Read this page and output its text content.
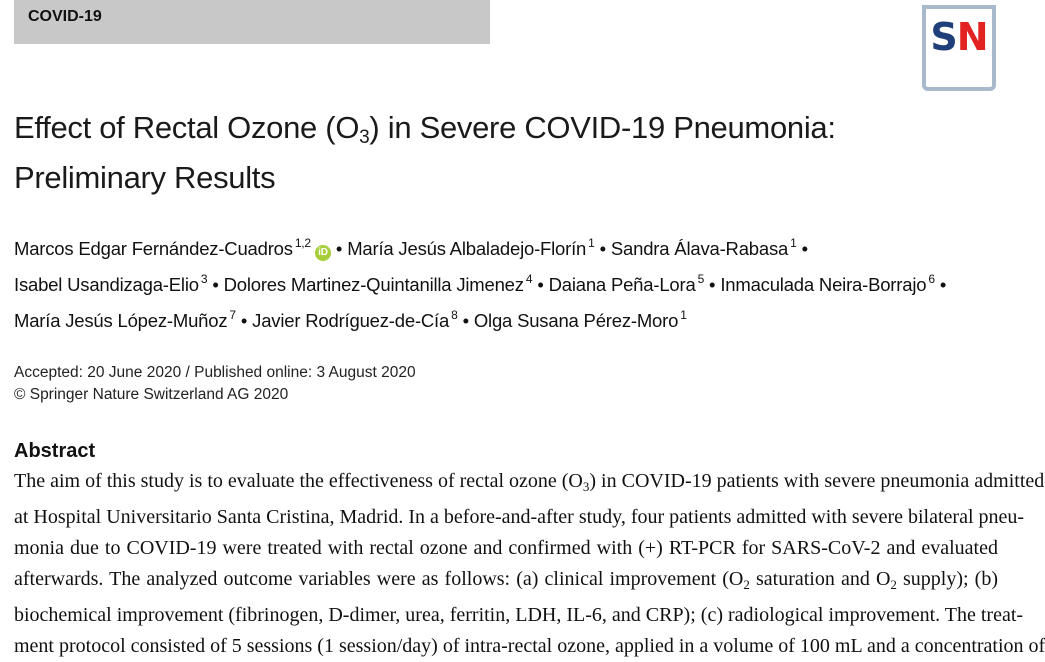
COVID-19	SN
Effect of Rectal Ozone $(O_3)$ in Severe COVID-19 Pneumonia:
Preliminary Results
Marcos Edgar Fernández-Cuadros $^{1,2}$iD • María Jesús Albaladejo-Florín $^1$ • Sandra Álava-Rabasa $^1$ •
Isabel Usandizaga-Elio $^3$ • Dolores Martinez-Quintanilla Jimenez $^4$ • Daiana Peña-Lora $^5$ • Inmaculada Neira-Borrajo $^6$ •
María Jesús López-Muñoz $^7$ • Javier Rodríguez-de-Cía $^8$ • Olga Susana Pérez-Moro $^1$
Accepted: 20 June 2020 / Published online: 3 August 2020
© Springer Nature Switzerland AG 2020
Abstract
The aim of this study is to evaluate the effectiveness of rectal ozone $(O_3)$ in COVID-19 patients with severe pneumonia admitted
at Hospital Universitario Santa Cristina, Madrid. In a before-and-after study, four patients admitted with severe bilateral pneu-
monia due to COVID-19 were treated with rectal ozone and confirmed with (+) RT-PCR for SARS-CoV-2 and evaluated
afterwards. The analyzed outcome variables were as follows: (a) clinical improvement ($O_2$ saturation and $O_2$ supply); (b)
biochemical improvement (fibrinogen, D-dimer, urea, ferritin, LDH, IL-6, and CRP); (c) radiological improvement. The treat-
ment protocol consisted of 5 sessions (1 session/day) of intra-rectal ozone, applied in a volume of 100 mL and a concentration of
